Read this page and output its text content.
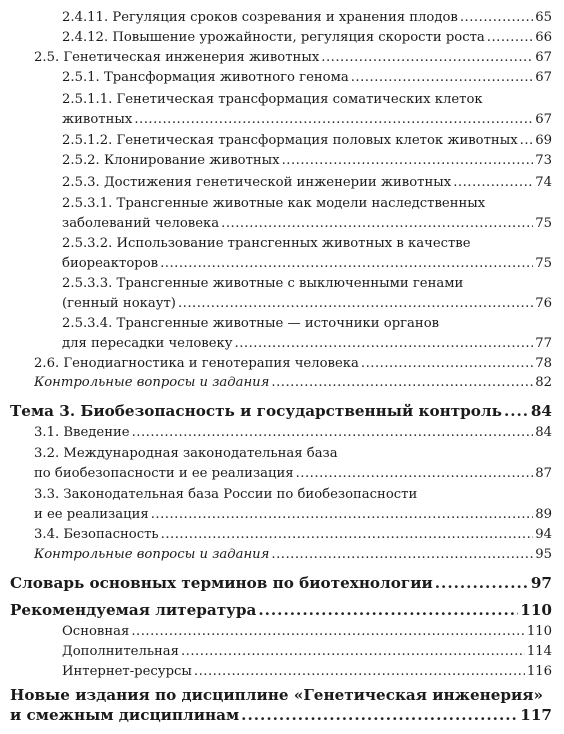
2.4.11. Регуляция сроков созревания и хранения плодов .....	65
2.4.12. Повышение урожайности, регуляция скорости роста .....	66
2.5. Генетическая инженерия животных .....	67
2.5.1. Трансформация животного генома .....	67
2.5.1.1. Генетическая трансформация соматических клеток
животных .....	67
2.5.1.2. Генетическая трансформация половых клеток животных ..... 69
2.5.2. Клонирование животных .....	73
2.5.3. Достижения генетической инженерии животных .....	74
2.5.3.1. Трансгенные животные как модели наследственных
заболеваний человека .....	75
2.5.3.2. Использование трансгенных животных в качестве
биореакторов .....	75
2.5.3.3. Трансгенные животные с выключенными генами
(генный нокаут) .....	76
2.5.3.4. Трансгенные животные — источники органов
для пересадки человеку .....	77
2.6. Генодиагностика и генотерапия человека .....	78
Контрольные вопросы и задания .....	82
Тема 3. Биобезопасность и государственный контроль ..... 84
3.1. Введение .....	84
3.2. Международная законодательная база
по биобезопасности и ее реализация .....	87
3.3. Законодательная база России по биобезопасности
и ее реализация .....	89
3.4. Безопасность .....	94
Контрольные вопросы и задания .....	95
Словарь основных терминов по биотехнологии .....	97
Рекомендуемая литература .....	110
Основная .....	110
Дополнительная .....	114
Интернет-ресурсы .....	116
Новые издания по дисциплине «Генетическая инженерия»
и смежным дисциплинам .....	117
